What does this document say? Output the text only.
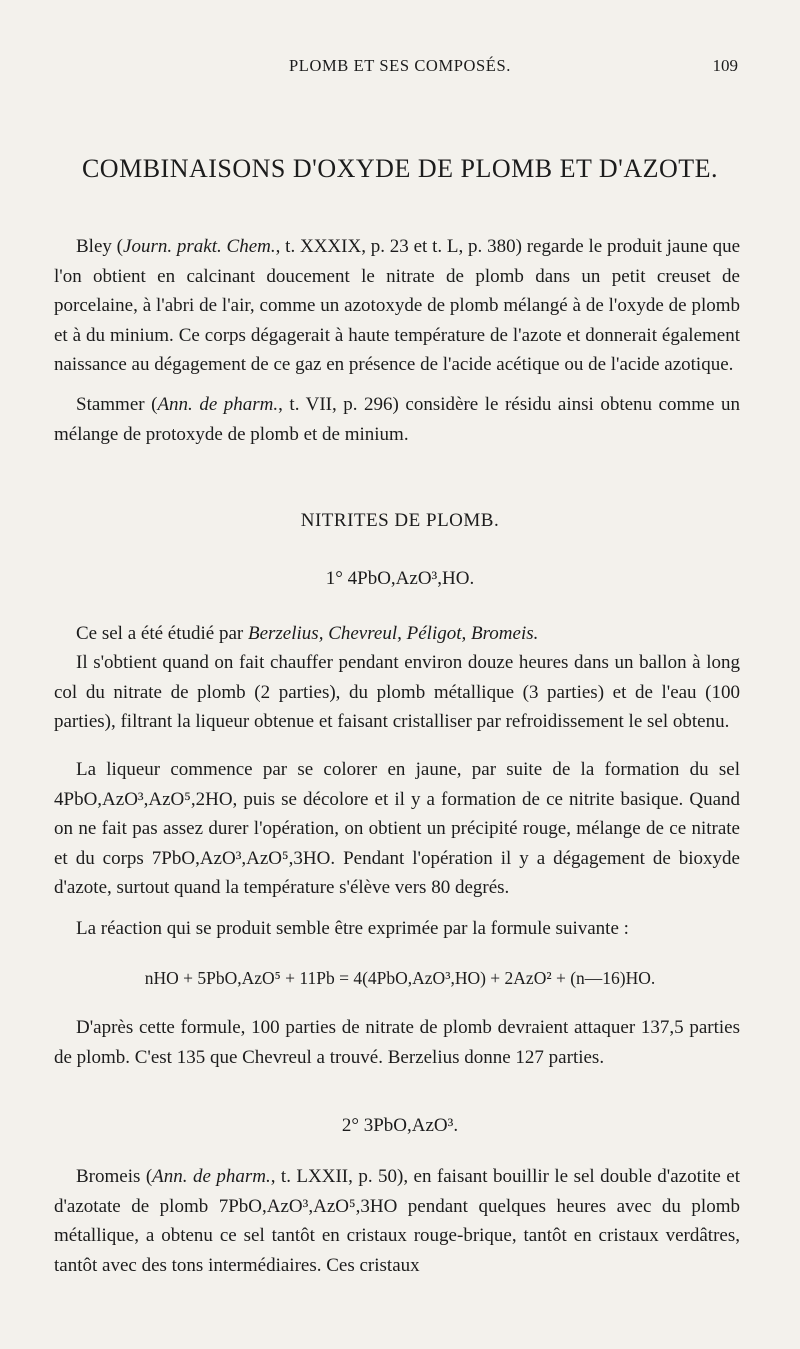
PLOMB ET SES COMPOSÉS.	109
COMBINAISONS D'OXYDE DE PLOMB ET D'AZOTE.

Bley (Journ. prakt. Chem., t. XXXIX, p. 23 et t. L, p. 380) regarde le produit jaune que l'on obtient en calcinant doucement le nitrate de plomb dans un petit creuset de porcelaine, à l'abri de l'air, comme un azotoxyde de plomb mélangé à de l'oxyde de plomb et à du minium. Ce corps dégagerait à haute température de l'azote et donnerait également naissance au dégagement de ce gaz en présence de l'acide acétique ou de l'acide azotique.

Stammer (Ann. de pharm., t. VII, p. 296) considère le résidu ainsi obtenu comme un mélange de protoxyde de plomb et de minium.

NITRITES DE PLOMB.
1° 4PbO,AzO³,HO.

Ce sel a été étudié par Berzelius, Chevreul, Péligot, Bromeis.

Il s'obtient quand on fait chauffer pendant environ douze heures dans un ballon à long col du nitrate de plomb (2 parties), du plomb métallique (3 parties) et de l'eau (100 parties), filtrant la liqueur obtenue et faisant cristalliser par refroidissement le sel obtenu.

La liqueur commence par se colorer en jaune, par suite de la formation du sel 4PbO,AzO³,AzO⁵,2HO, puis se décolore et il y a formation de ce nitrite basique. Quand on ne fait pas assez durer l'opération, on obtient un précipité rouge, mélange de ce nitrate et du corps 7PbO,AzO³,AzO⁵,3HO. Pendant l'opération il y a dégagement de bioxyde d'azote, surtout quand la température s'élève vers 80 degrés.

La réaction qui se produit semble être exprimée par la formule suivante :

nHO + 5PbO,AzO⁵ + 11Pb = 4(4PbO,AzO³,HO) + 2AzO² + (n—16)HO.

D'après cette formule, 100 parties de nitrate de plomb devraient attaquer 137,5 parties de plomb. C'est 135 que Chevreul a trouvé. Berzelius donne 127 parties.

2° 3PbO,AzO³.

Bromeis (Ann. de pharm., t. LXXII, p. 50), en faisant bouillir le sel double d'azotite et d'azotate de plomb 7PbO,AzO³,AzO⁵,3HO pendant quelques heures avec du plomb métallique, a obtenu ce sel tantôt en cristaux rouge-brique, tantôt en cristaux verdâtres, tantôt avec des tons intermédiaires. Ces cristaux
